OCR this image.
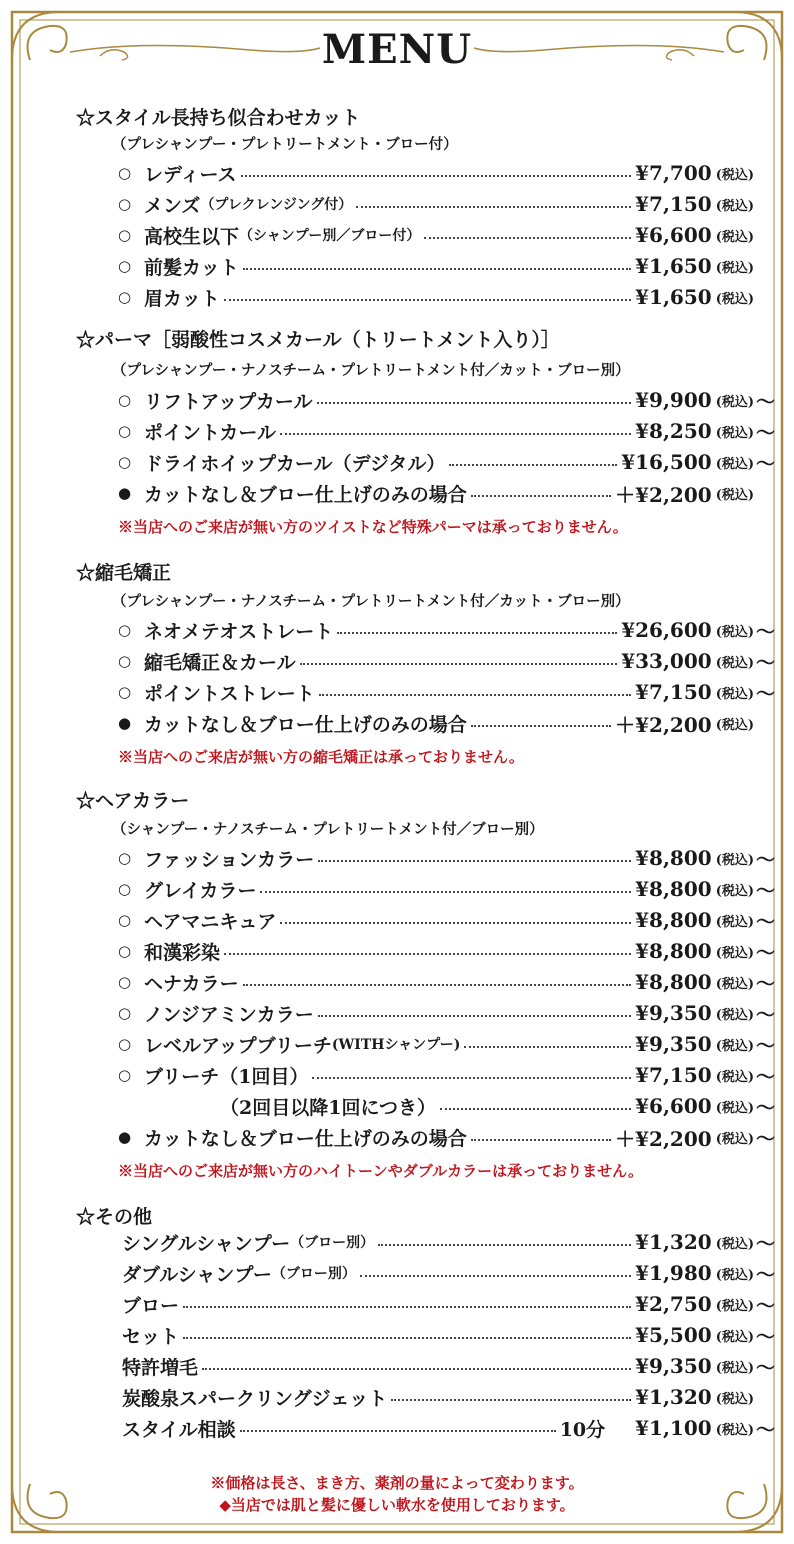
MENU
☆スタイル長持ち似合わせカット
（プレシャンプー・プレトリートメント・ブロー付）
○ レディース	¥7,700 (税込)
○ メンズ （プレクレンジング付）	¥7,150 (税込)
○ 高校生以下 （シャンプー別／ブロー付）	¥6,600 (税込)
○ 前髪カット	¥1,650 (税込)
○ 眉カット	¥1,650 (税込)
☆パーマ［弱酸性コスメカール（トリートメント入り）］
（プレシャンプー・ナノスチーム・プレトリートメント付／カット・ブロー別）
○ リフトアップカール	¥9,900 (税込) 〜
○ ポイントカール	¥8,250 (税込) 〜
○ ドライホイップカール（デジタル）	¥16,500 (税込) 〜
● カットなし＆ブロー仕上げのみの場合	＋¥2,200 (税込)
※当店へのご来店が無い方のツイストなど特殊パーマは承っておりません。
☆縮毛矯正
（プレシャンプー・ナノスチーム・プレトリートメント付／カット・ブロー別）
○ ネオメテオストレート	¥26,600 (税込) 〜
○ 縮毛矯正＆カール	¥33,000 (税込) 〜
○ ポイントストレート	¥7,150 (税込) 〜
● カットなし＆ブロー仕上げのみの場合	＋¥2,200 (税込)
※当店へのご来店が無い方の縮毛矯正は承っておりません。
☆ヘアカラー
（シャンプー・ナノスチーム・プレトリートメント付／ブロー別）
○ ファッションカラー	¥8,800 (税込) 〜
○ グレイカラー	¥8,800 (税込) 〜
○ ヘアマニキュア	¥8,800 (税込) 〜
○ 和漢彩染	¥8,800 (税込) 〜
○ ヘナカラー	¥8,800 (税込) 〜
○ ノンジアミンカラー	¥9,350 (税込) 〜
○ レベルアップブリーチ (WITHシャンプー)	¥9,350 (税込) 〜
○ ブリーチ（1回目）	¥7,150 (税込) 〜
（2回目以降1回につき）	¥6,600 (税込) 〜
● カットなし＆ブロー仕上げのみの場合	＋¥2,200 (税込) 〜
※当店へのご来店が無い方のハイトーンやダブルカラーは承っておりません。
☆その他
シングルシャンプー （ブロー別）	¥1,320 (税込) 〜
ダブルシャンプー （ブロー別）	¥1,980 (税込) 〜
ブロー	¥2,750 (税込) 〜
セット	¥5,500 (税込) 〜
特許増毛	¥9,350 (税込) 〜
炭酸泉スパークリングジェット	¥1,320 (税込)
スタイル相談	10分 ¥1,100 (税込) 〜
※価格は長さ、まき方、薬剤の量によって変わります。
◆当店では肌と髪に優しい軟水を使用しております。
